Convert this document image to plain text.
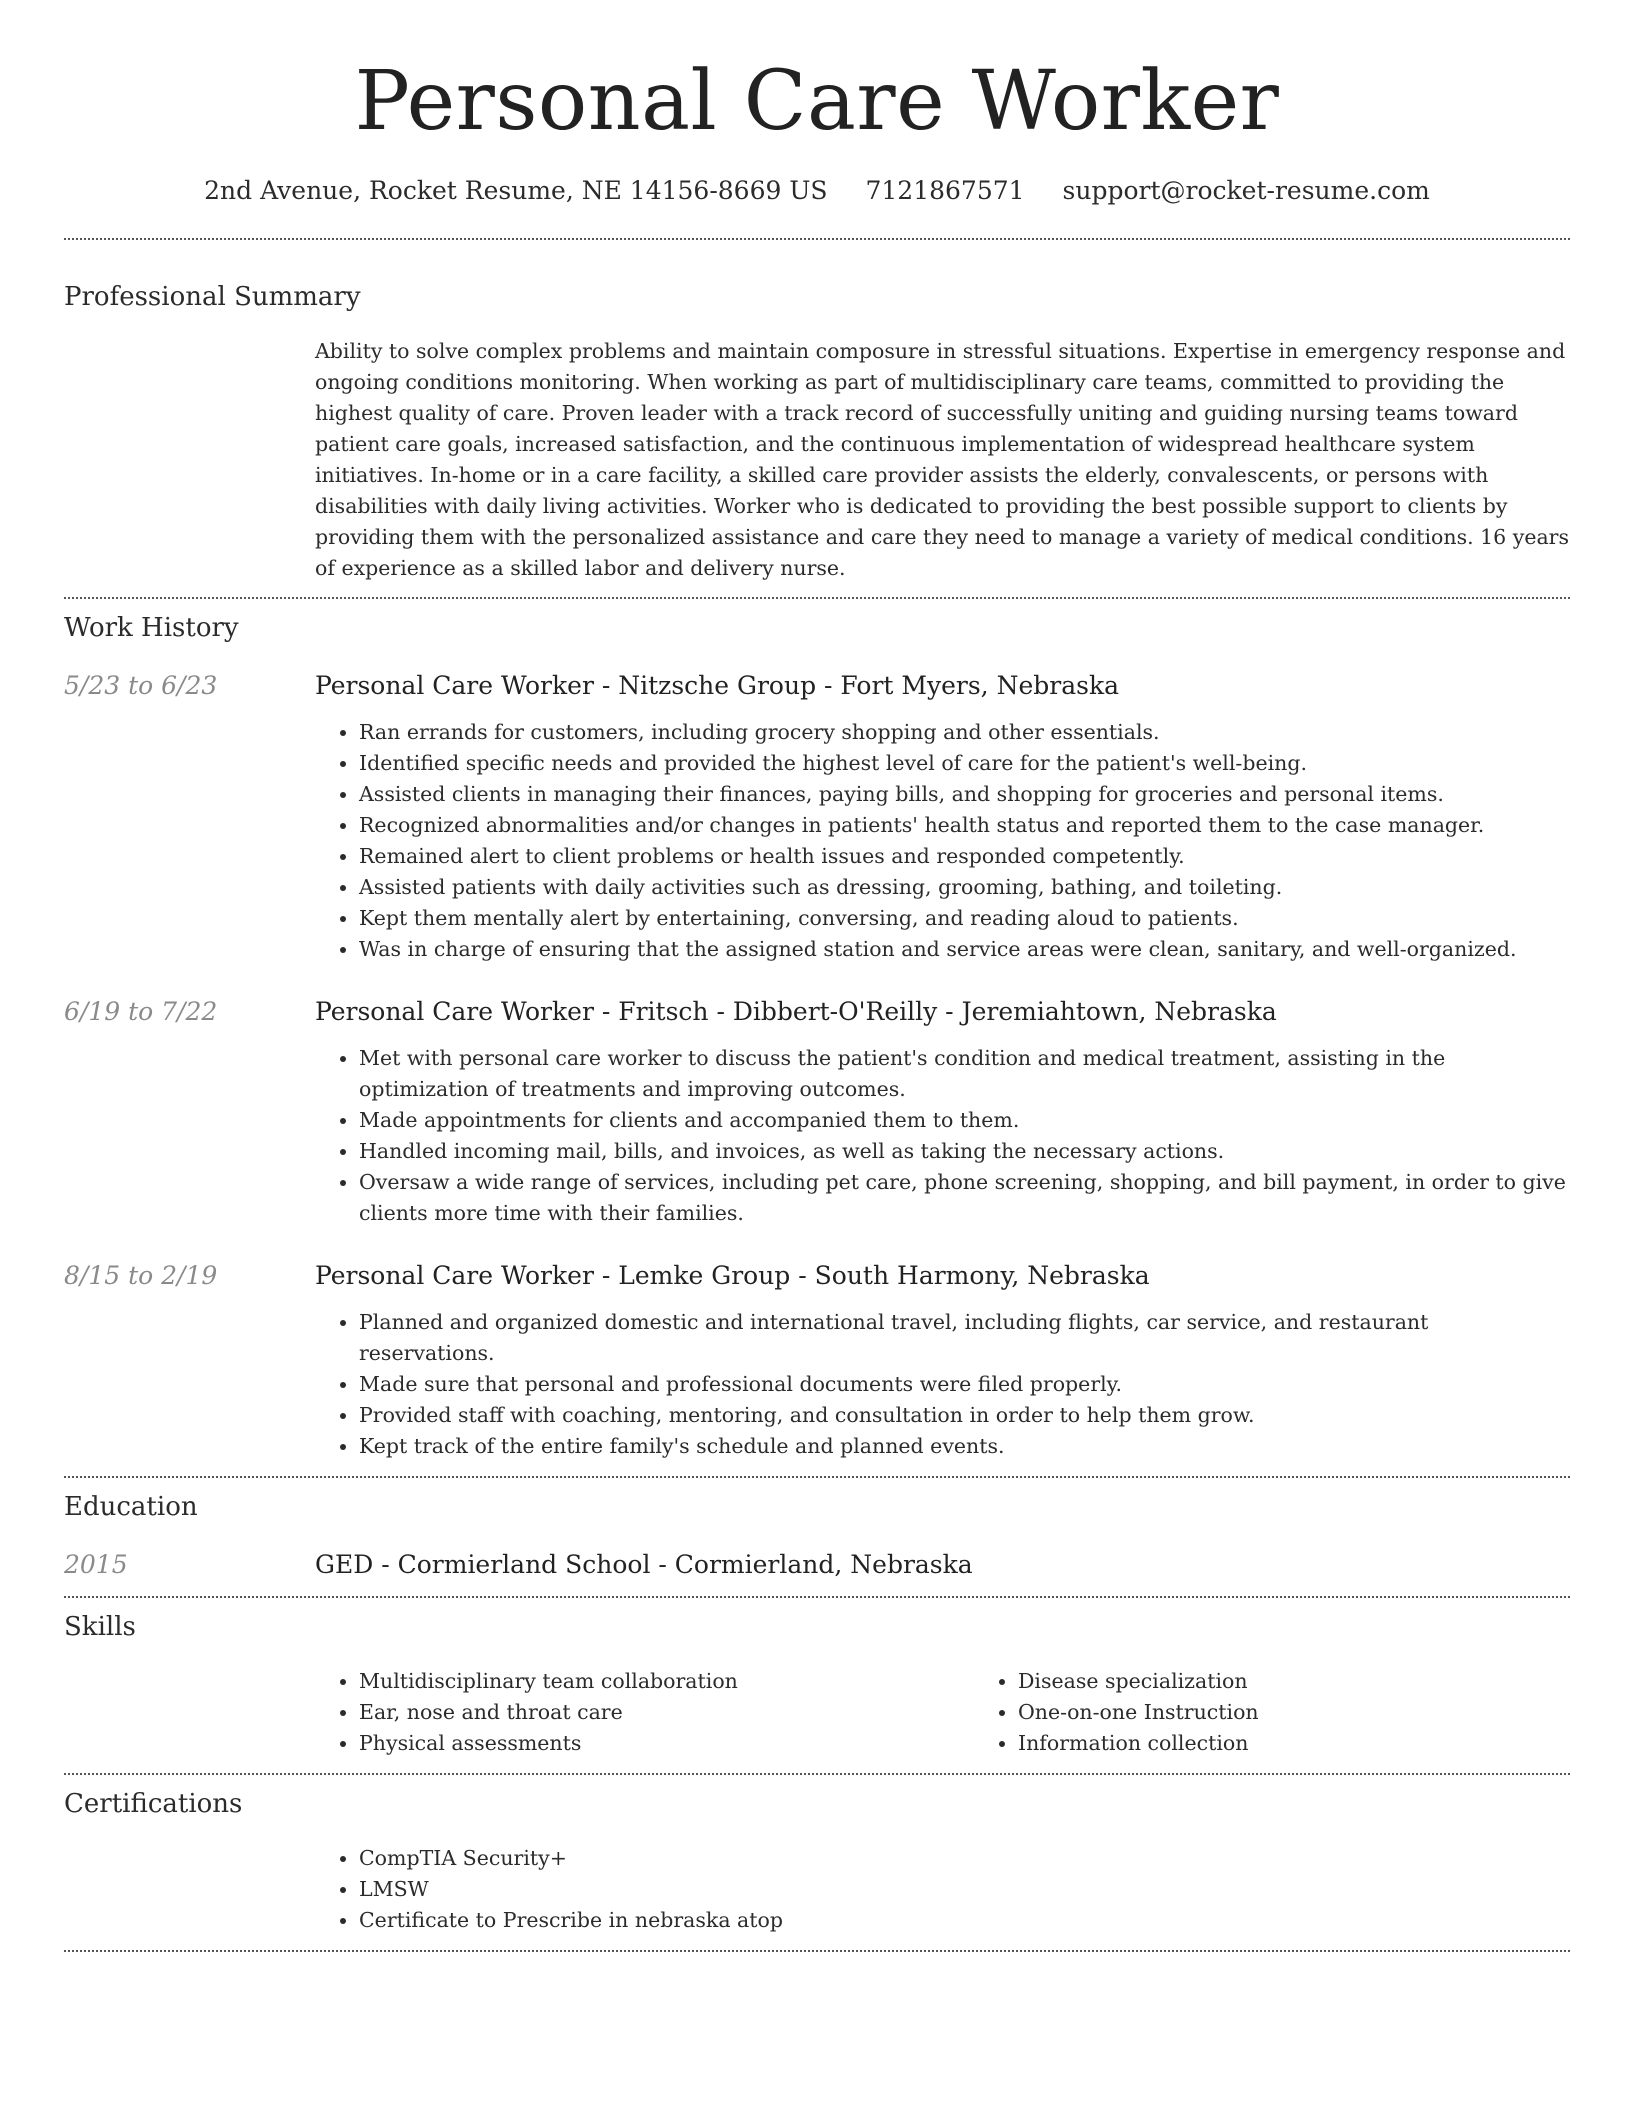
Personal Care Worker
2nd Avenue, Rocket Resume, NE 14156-8669 US 7121867571 support@rocket-resume.com
Professional Summary

Ability to solve complex problems and maintain composure in stressful situations. Expertise in emergency response and ongoing conditions monitoring. When working as part of multidisciplinary care teams, committed to providing the highest quality of care. Proven leader with a track record of successfully uniting and guiding nursing teams toward patient care goals, increased satisfaction, and the continuous implementation of widespread healthcare system initiatives. In-home or in a care facility, a skilled care provider assists the elderly, convalescents, or persons with disabilities with daily living activities. Worker who is dedicated to providing the best possible support to clients by providing them with the personalized assistance and care they need to manage a variety of medical conditions. 16 years of experience as a skilled labor and delivery nurse.

Work History
5/23 to 6/23	Personal Care Worker - Nitzsche Group - Fort Myers, Nebraska
• Ran errands for customers, including grocery shopping and other essentials.
• Identified specific needs and provided the highest level of care for the patient's well-being.
• Assisted clients in managing their finances, paying bills, and shopping for groceries and personal items.
• Recognized abnormalities and/or changes in patients' health status and reported them to the case manager.
• Remained alert to client problems or health issues and responded competently.
• Assisted patients with daily activities such as dressing, grooming, bathing, and toileting.
• Kept them mentally alert by entertaining, conversing, and reading aloud to patients.
• Was in charge of ensuring that the assigned station and service areas were clean, sanitary, and well-organized.
6/19 to 7/22	Personal Care Worker - Fritsch - Dibbert-O'Reilly - Jeremiahtown, Nebraska
• Met with personal care worker to discuss the patient's condition and medical treatment, assisting in the optimization of treatments and improving outcomes.
• Made appointments for clients and accompanied them to them.
• Handled incoming mail, bills, and invoices, as well as taking the necessary actions.
• Oversaw a wide range of services, including pet care, phone screening, shopping, and bill payment, in order to give clients more time with their families.
8/15 to 2/19	Personal Care Worker - Lemke Group - South Harmony, Nebraska
• Planned and organized domestic and international travel, including flights, car service, and restaurant reservations.
• Made sure that personal and professional documents were filed properly.
• Provided staff with coaching, mentoring, and consultation in order to help them grow.
• Kept track of the entire family's schedule and planned events.
Education
2015	GED - Cormierland School - Cormierland, Nebraska
Skills
• Multidisciplinary team collaboration
• Ear, nose and throat care
• Physical assessments
• Disease specialization
• One-on-one Instruction
• Information collection
Certifications
• CompTIA Security+
• LMSW
• Certificate to Prescribe in nebraska atop
